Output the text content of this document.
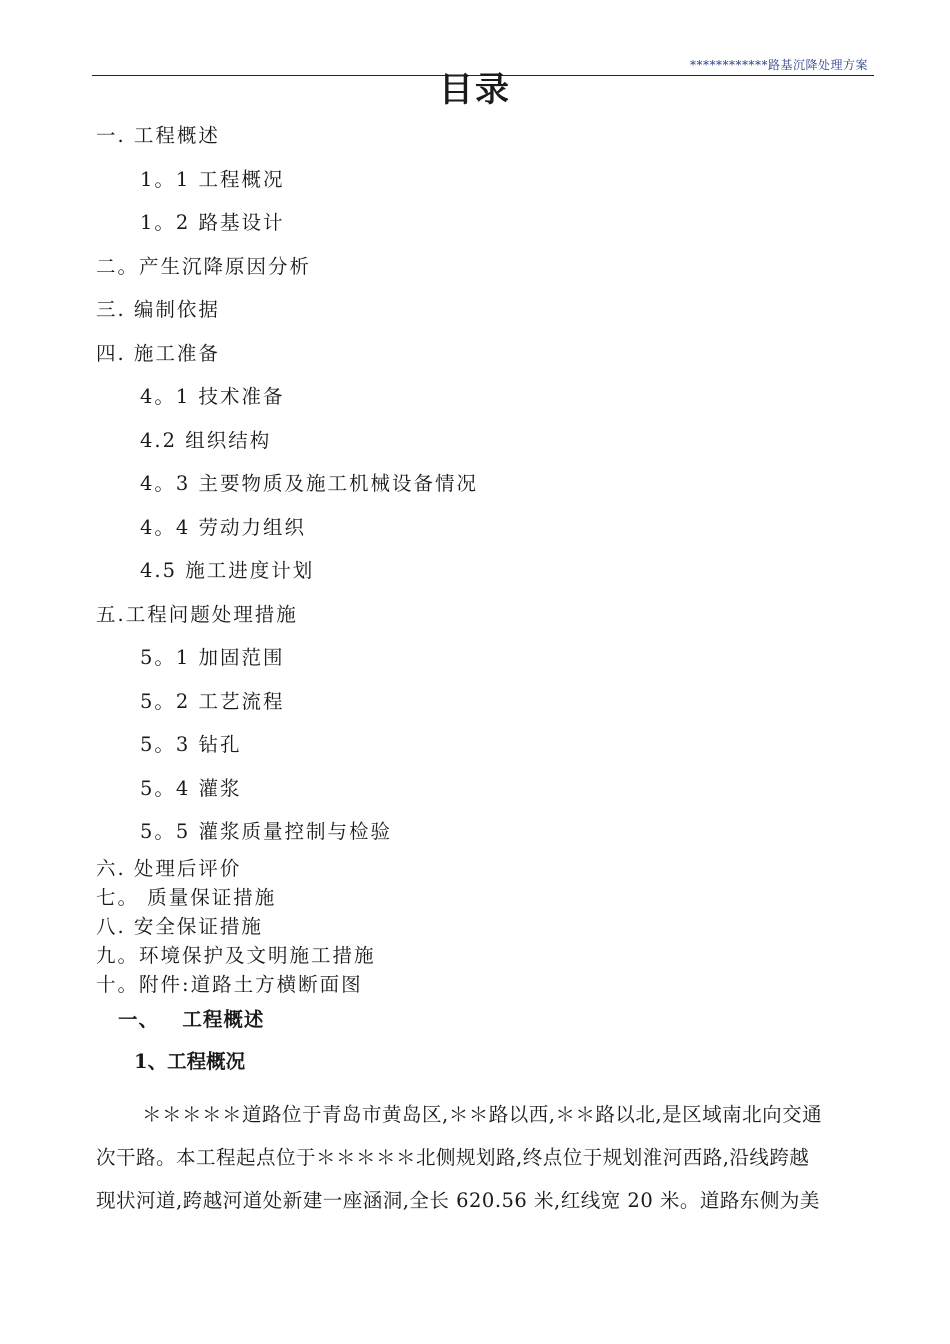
************路基沉降处理方案
目录
一. 工程概述
1。1 工程概况
1。2 路基设计
二。产生沉降原因分析
三. 编制依据
四. 施工准备
4。1 技术准备
4.2 组织结构
4。3 主要物质及施工机械设备情况
4。4 劳动力组织
4.5 施工进度计划
五.工程问题处理措施
5。1 加固范围
5。2 工艺流程
5。3 钻孔
5。4 灌浆
5。5 灌浆质量控制与检验
六. 处理后评价
七。 质量保证措施
八. 安全保证措施
九。环境保护及文明施工措施
十。附件:道路土方横断面图
一、   工程概述
1、工程概况
＊＊＊＊＊道路位于青岛市黄岛区,＊＊路以西,＊＊路以北,是区域南北向交通
次干路。本工程起点位于＊＊＊＊＊北侧规划路,终点位于规划淮河西路,沿线跨越
现状河道,跨越河道处新建一座涵洞,全长 620.56 米,红线宽 20 米。道路东侧为美
